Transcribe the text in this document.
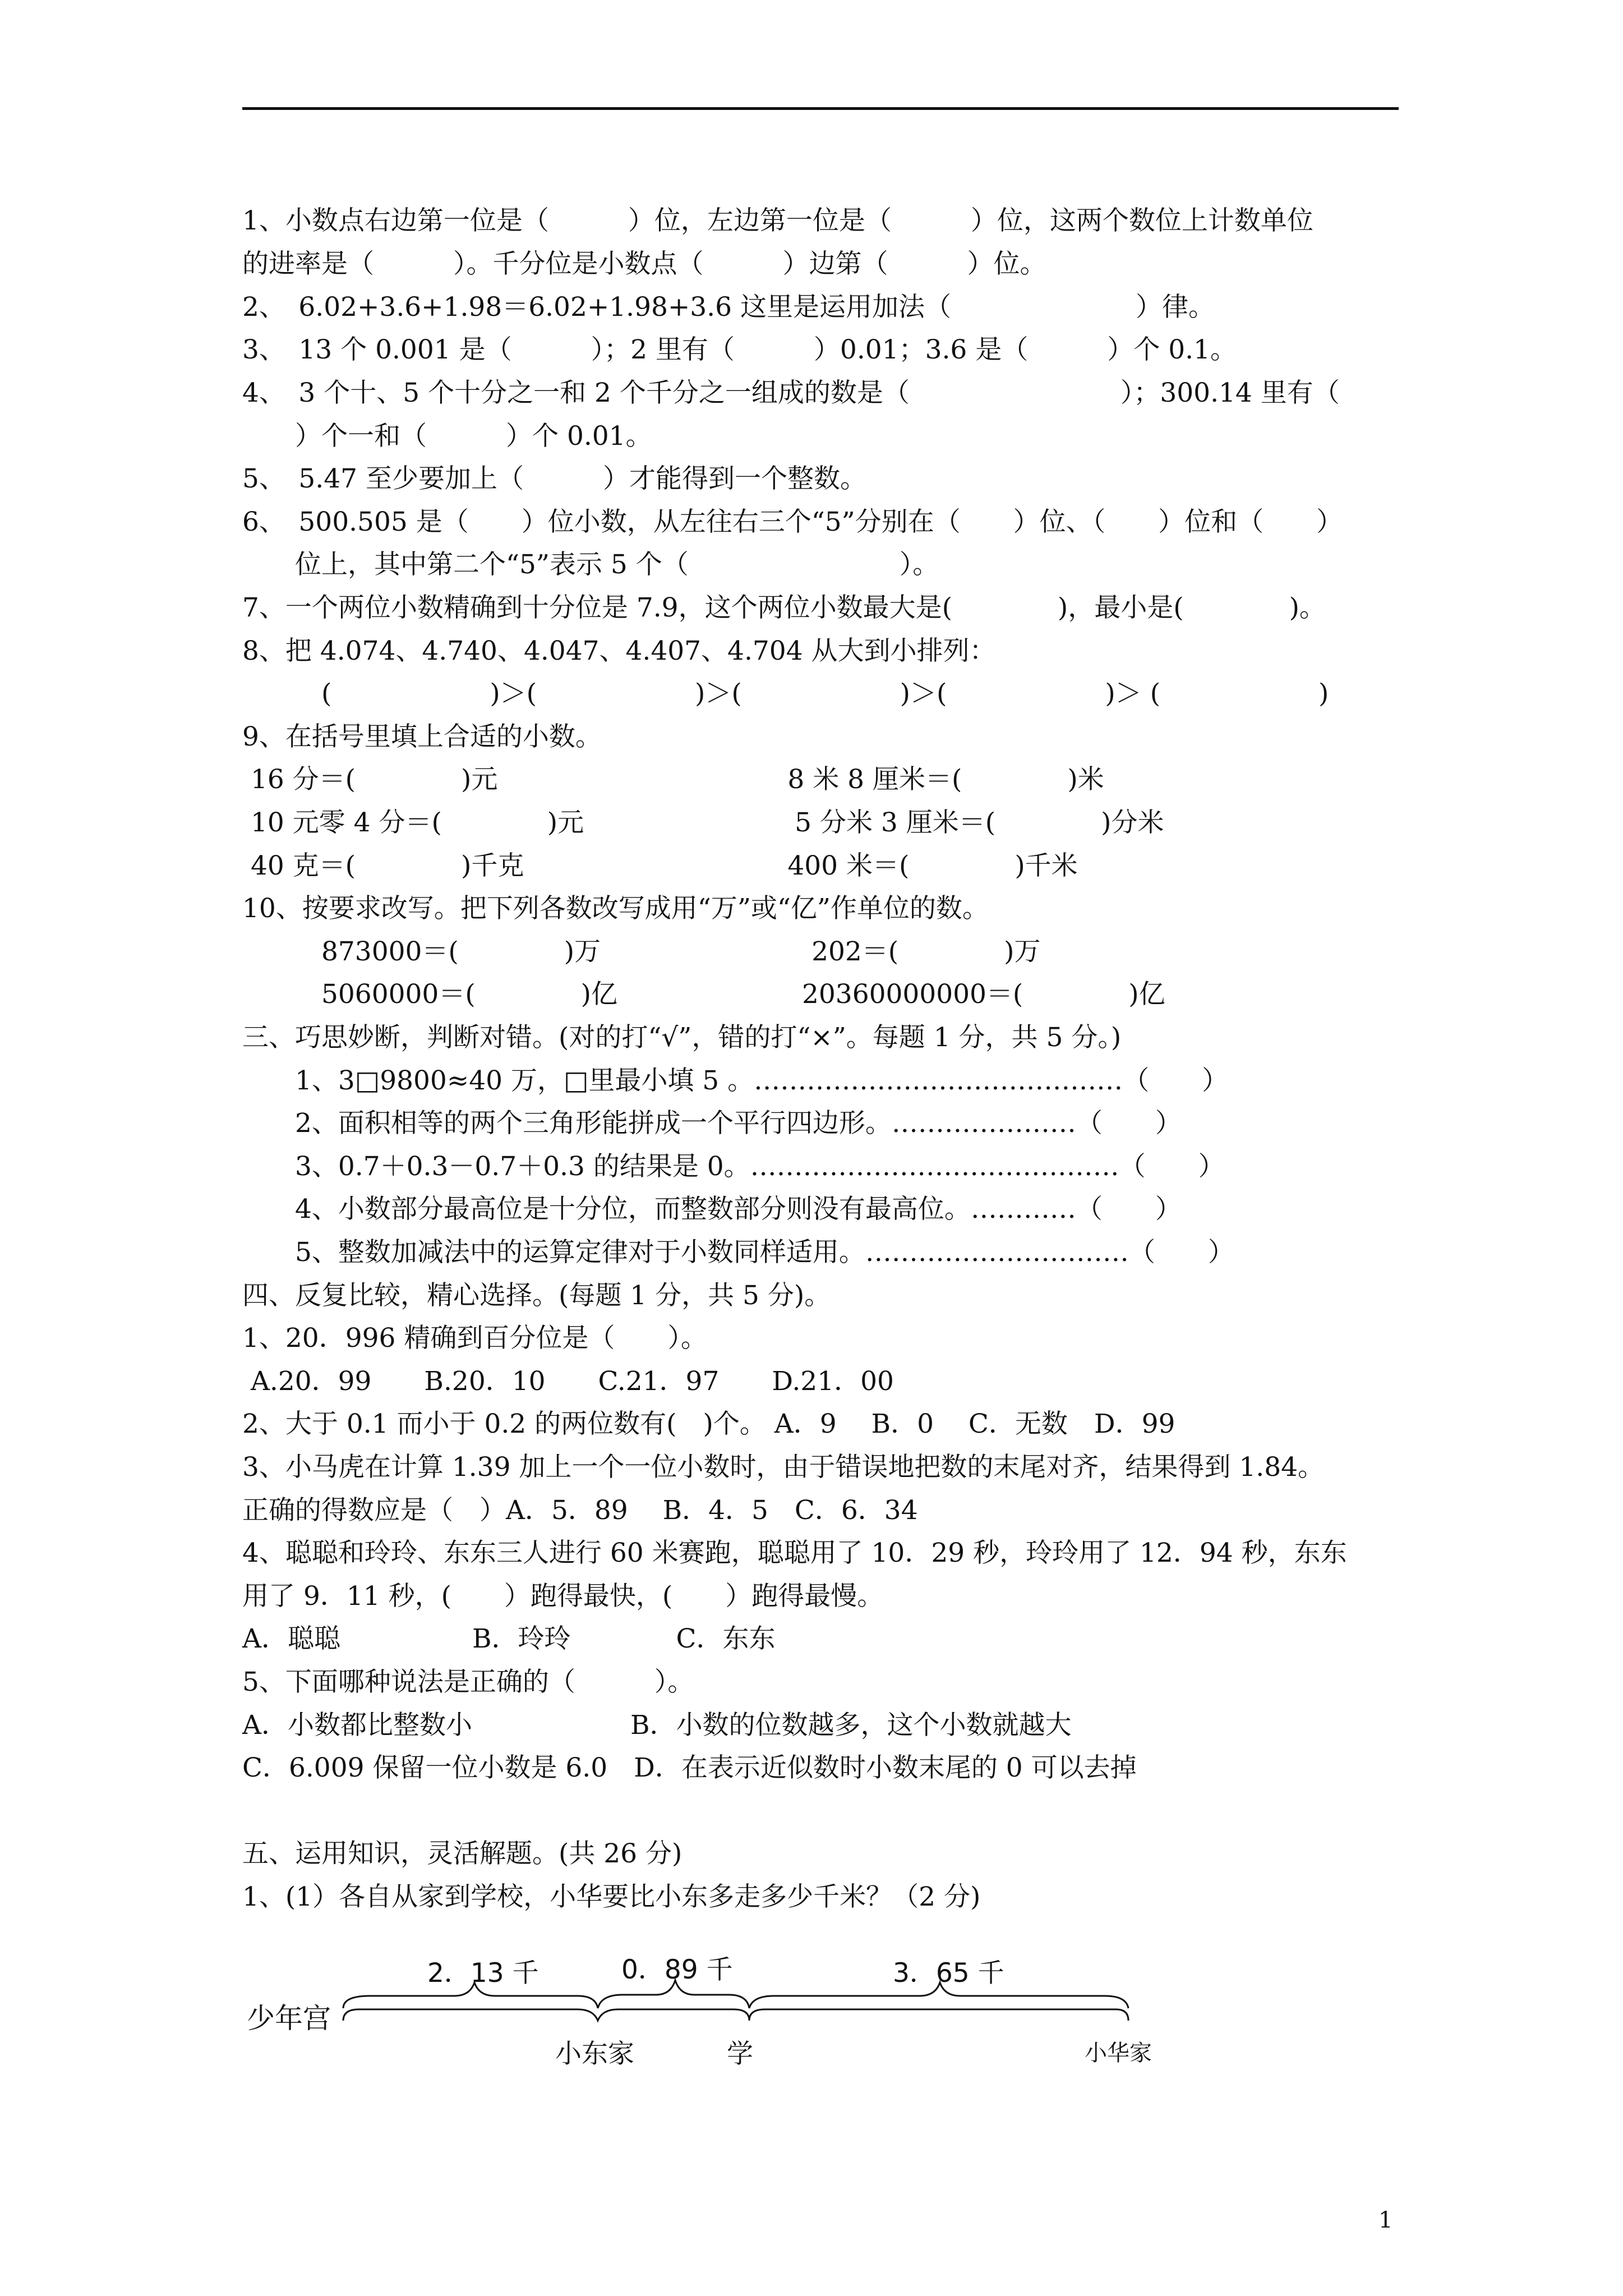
1、小数点右边第一位是（　　　）位，左边第一位是（　　　）位，这两个数位上计数单位
的进率是（　　　）。千分位是小数点（　　　）边第（　　　）位。
2、　6.02+3.6+1.98＝6.02+1.98+3.6 这里是运用加法（　　　　　　　）律。
3、　13 个 0.001 是（　　　）；2 里有（　　　）0.01；3.6 是（　　　）个 0.1。
4、　3 个十、5 个十分之一和 2 个千分之一组成的数是（　　　　　　　　）；300.14 里有（
　　）个一和（　　　）个 0.01。
5、　5.47 至少要加上（　　　）才能得到一个整数。
6、　500.505 是（　　）位小数，从左往右三个“5”分别在（　　）位、（　　）位和（　　）
　　位上，其中第二个“5”表示 5 个（　　　　　　　　）。
7、一个两位小数精确到十分位是 7.9，这个两位小数最大是(　　　　)，最小是(　　　　)。
8、把 4.074、4.740、4.047、4.407、4.704 从大到小排列：
　　　(　　　　　　)＞(　　　　　　)＞(　　　　　　)＞(　　　　　　)＞ (　　　　　　)
9、在括号里填上合适的小数。
16 分＝(　　　　)元　　　　　　　　　　　8 米 8 厘米＝(　　　　)米
10 元零 4 分＝(　　　　)元　　　　　　　　5 分米 3 厘米＝(　　　　)分米
40 克＝(　　　　)千克　　　　　　　　　　400 米＝(　　　　)千米
10、按要求改写。把下列各数改写成用“万”或“亿”作单位的数。
　　　873000＝(　　　　)万　　　　　　　　202＝(　　　　)万
　　　5060000＝(　　　　)亿　　　　　　　20360000000＝(　　　　)亿
三、巧思妙断，判断对错。(对的打“√”，错的打“×”。每题 1 分，共 5 分。)
　　1、3□9800≈40 万，□里最小填 5 。……………………………………（　　）
　　2、面积相等的两个三角形能拼成一个平行四边形。…………………（　　）
　　3、0.7＋0.3－0.7＋0.3 的结果是 0。……………………………………（　　）
　　4、小数部分最高位是十分位，而整数部分则没有最高位。…………（　　）
　　5、整数加减法中的运算定律对于小数同样适用。…………………………（　　）
四、反复比较，精心选择。(每题 1 分，共 5 分)。
1、20．996 精确到百分位是（　　）。
A.20．99　　B.20．10　　C.21．97　　D.21．00
2、大于 0.1 而小于 0.2 的两位数有(　)个。 A．9　 B．0　 C．无数　D．99
3、小马虎在计算 1.39 加上一个一位小数时，由于错误地把数的末尾对齐，结果得到 1.84。
正确的得数应是（　）A．5．89　 B．4．5　C．6．34
4、聪聪和玲玲、东东三人进行 60 米赛跑，聪聪用了 10．29 秒，玲玲用了 12．94 秒，东东
用了 9．11 秒，(　　）跑得最快，(　　）跑得最慢。
A．聪聪　　　　　B．玲玲　　　　C．东东
5、下面哪种说法是正确的（　　　）。
A．小数都比整数小　　　　　　B．小数的位数越多，这个小数就越大
C．6.009 保留一位小数是 6.0　D．在表示近似数时小数末尾的 0 可以去掉
五、运用知识，灵活解题。(共 26 分)
1、(1）各自从家到学校，小华要比小东多走多少千米？（2 分)
2．13 千	0．89 千	3．65 千
少年宫
小东家	学	小华家
1
